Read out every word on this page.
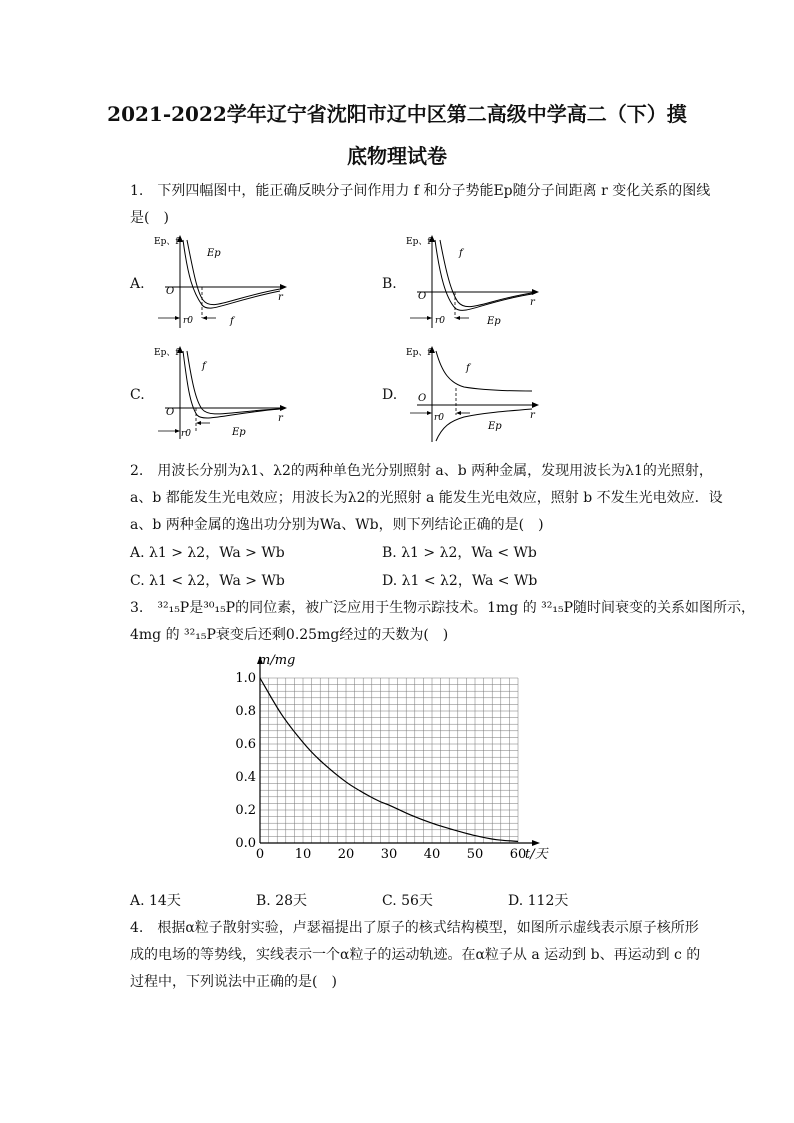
2021-2022学年辽宁省沈阳市辽中区第二高级中学高二（下）摸
底物理试卷
1.　下列四幅图中，能正确反映分子间作用力 f 和分子势能Ep随分子间距离 r 变化关系的图线
是(　)
A.	B.
C.	D.
Ep、f
O
r
r0
Ep
f
Ep、f
O
r
r0
f
Ep
Ep、f
O
r
r0
f
Ep
Ep、f
O
r
r0
f
Ep
2.　用波长分别为λ1、λ2的两种单色光分别照射 a、b 两种金属，发现用波长为λ1的光照射，
a、b 都能发生光电效应；用波长为λ2的光照射 a 能发生光电效应，照射 b 不发生光电效应．设
a、b 两种金属的逸出功分别为Wa、Wb，则下列结论正确的是(　)
A. λ1 > λ2，Wa > Wb	B. λ1 > λ2，Wa < Wb
C. λ1 < λ2，Wa > Wb	D. λ1 < λ2，Wa < Wb
3.　³²₁₅P是³⁰₁₅P的同位素，被广泛应用于生物示踪技术。1mg 的 ³²₁₅P随时间衰变的关系如图所示，
4mg 的 ³²₁₅P衰变后还剩0.25mg经过的天数为(　)
0 10 20 30 40 50 60
0.0
0.2
0.4
0.6
0.8
1.0
m/mg
t/天
A. 14天	B. 28天	C. 56天	D. 112天
4.　根据α粒子散射实验，卢瑟福提出了原子的核式结构模型，如图所示虚线表示原子核所形
成的电场的等势线，实线表示一个α粒子的运动轨迹。在α粒子从 a 运动到 b、再运动到 c 的
过程中，下列说法中正确的是(　)
